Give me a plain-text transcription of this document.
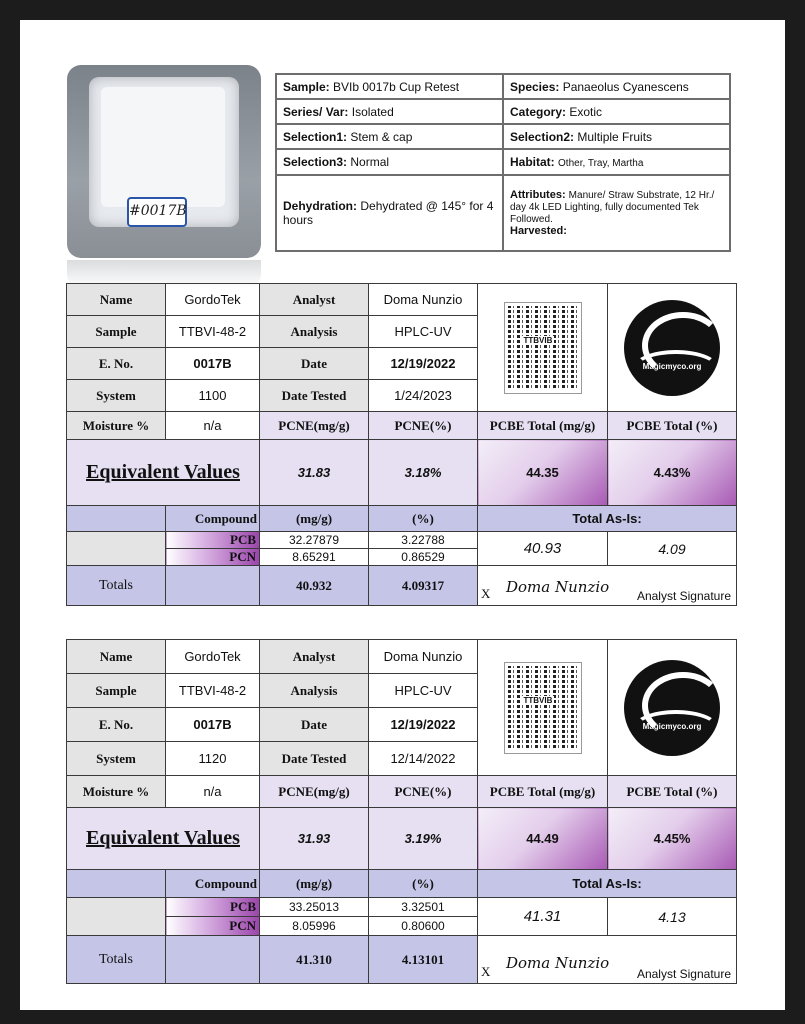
#0017B
Sample: BVIb 0017b Cup Retest	Species: Panaeolus Cyanescens
Series/ Var: Isolated	Category: Exotic
Selection1: Stem & cap	Selection2: Multiple Fruits
Selection3: Normal	Habitat: Other, Tray, Martha
Dehydration: Dehydrated @ 145° for 4 hours	Attributes: Manure/ Straw Substrate, 12 Hr./ day 4k LED Lighting, fully documented Tek Followed.
Harvested:
Name	GordoTek	Analyst	Doma Nunzio	TTBVIB	Magicmyco.org

Sample	TTBVI-48-2	Analysis	HPLC-UV		
E. No.	0017B	Date	12/19/2022		
System	1100	Date Tested	1/24/2023		
Moisture %	n/a	PCNE(mg/g)	PCNE(%)	PCBE Total (mg/g)	PCBE Total (%)
Equivalent Values		31.83	3.18%	44.35	4.43%
	Compound	(mg/g)	(%)	Total As-Is:	
	PCB	32.27879	3.22788	40.93	4.09
	PCN	8.65291	0.86529		
Totals		40.932	4.09317	X Doma Nunzio Analyst Signature	
Name	GordoTek	Analyst	Doma Nunzio	TTBVIB	Magicmyco.org

Sample	TTBVI-48-2	Analysis	HPLC-UV		
E. No.	0017B	Date	12/19/2022		
System	1120	Date Tested	12/14/2022		
Moisture %	n/a	PCNE(mg/g)	PCNE(%)	PCBE Total (mg/g)	PCBE Total (%)
Equivalent Values		31.93	3.19%	44.49	4.45%
	Compound	(mg/g)	(%)	Total As-Is:	
	PCB	33.25013	3.32501	41.31	4.13
	PCN	8.05996	0.80600		
Totals		41.310	4.13101	X Doma Nunzio
Analyst Signature	
